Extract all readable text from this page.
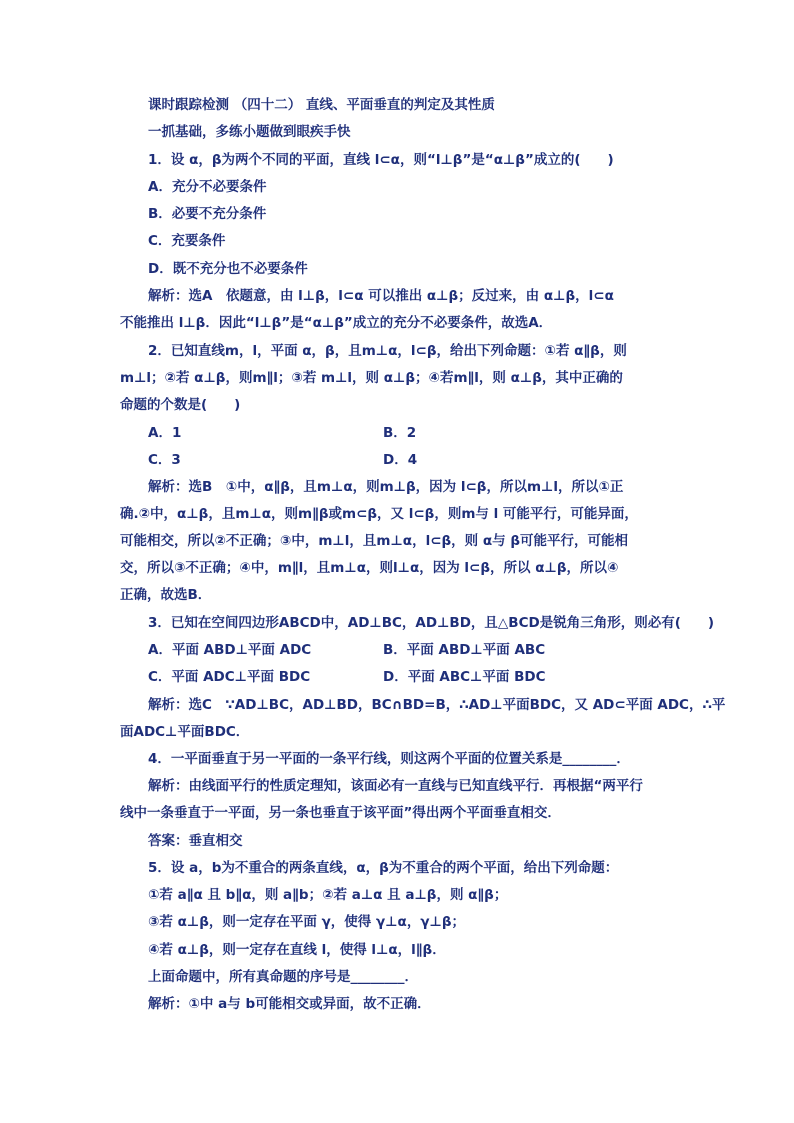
课时跟踪检测 （四十二） 直线、平面垂直的判定及其性质
一抓基础，多练小题做到眼疾手快
1．设 α，β为两个不同的平面，直线 l⊂α，则“l⊥β”是“α⊥β”成立的(　　)
A．充分不必要条件
B．必要不充分条件
C．充要条件
D．既不充分也不必要条件
解析：选A　依题意，由 l⊥β，l⊂α 可以推出 α⊥β；反过来，由 α⊥β，l⊂α
不能推出 l⊥β．因此“l⊥β”是“α⊥β”成立的充分不必要条件，故选A．
2．已知直线m，l，平面 α，β，且m⊥α，l⊂β，给出下列命题：①若 α∥β，则
m⊥l；②若 α⊥β，则m∥l；③若 m⊥l，则 α⊥β；④若m∥l，则 α⊥β，其中正确的
命题的个数是(　　)
A．1	B．2
C．3	D．4
解析：选B　①中，α∥β，且m⊥α，则m⊥β，因为 l⊂β，所以m⊥l，所以①正
确.②中，α⊥β，且m⊥α，则m∥β或m⊂β，又 l⊂β，则m与 l 可能平行，可能异面，
可能相交，所以②不正确；③中，m⊥l，且m⊥α，l⊂β，则 α与 β可能平行，可能相
交，所以③不正确；④中，m∥l，且m⊥α，则l⊥α，因为 l⊂β，所以 α⊥β，所以④
正确，故选B．
3．已知在空间四边形ABCD中，AD⊥BC，AD⊥BD，且△BCD是锐角三角形，则必有(　　)
A．平面 ABD⊥平面 ADC	B．平面 ABD⊥平面 ABC
C．平面 ADC⊥平面 BDC	D．平面 ABC⊥平面 BDC
解析：选C　∵AD⊥BC，AD⊥BD，BC∩BD=B，∴AD⊥平面BDC，又 AD⊂平面 ADC，∴平
面ADC⊥平面BDC．
4．一平面垂直于另一平面的一条平行线，则这两个平面的位置关系是________．
解析：由线面平行的性质定理知，该面必有一直线与已知直线平行．再根据“两平行
线中一条垂直于一平面，另一条也垂直于该平面”得出两个平面垂直相交．
答案：垂直相交
5．设 a，b为不重合的两条直线，α，β为不重合的两个平面，给出下列命题：
①若 a∥α 且 b∥α，则 a∥b；②若 a⊥α 且 a⊥β，则 α∥β；
③若 α⊥β，则一定存在平面 γ，使得 γ⊥α，γ⊥β；
④若 α⊥β，则一定存在直线 l，使得 l⊥α，l∥β．
上面命题中，所有真命题的序号是________．
解析：①中 a与 b可能相交或异面，故不正确．
